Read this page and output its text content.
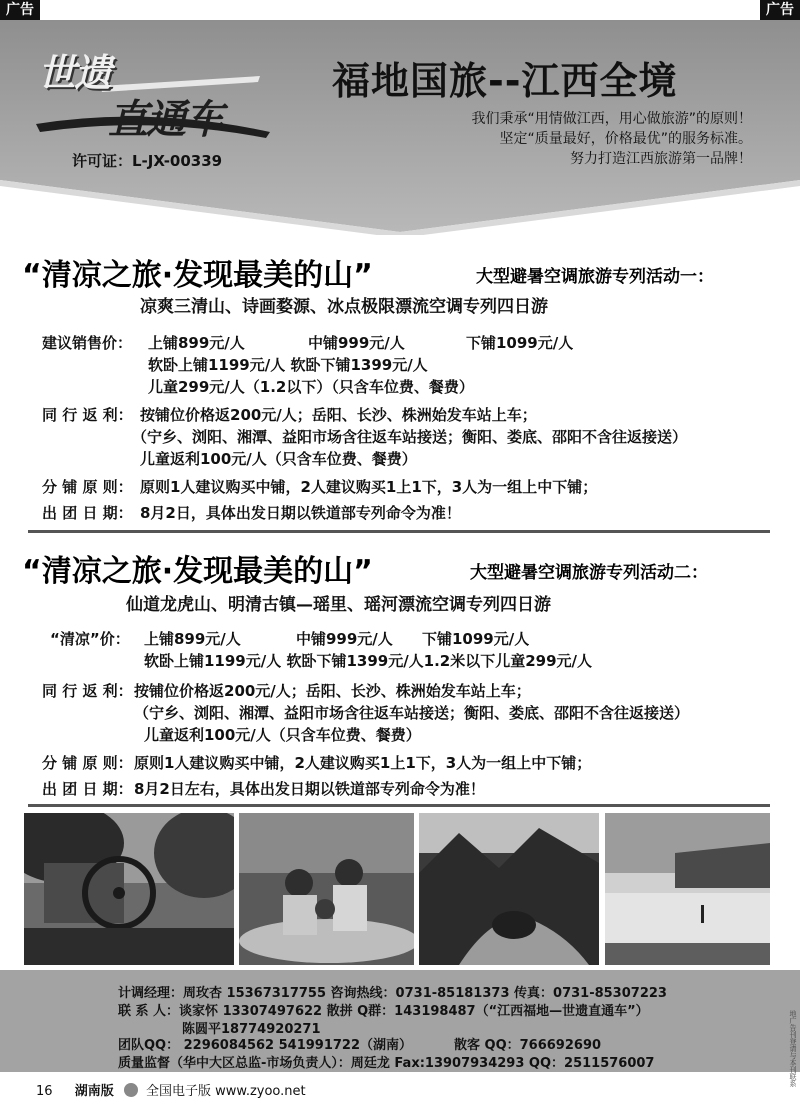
广告	广告
世遗
直通车
许可证：L-JX-00339
福地国旅--江西全境
我们秉承“用情做江西，用心做旅游”的原则！
坚定“质量最好，价格最优”的服务标准。
努力打造江西旅游第一品牌！
“清凉之旅·发现最美的山”	大型避暑空调旅游专列活动一：
凉爽三清山、诗画婺源、冰点极限漂流空调专列四日游
建议销售价： 上铺899元/人	中铺999元/人	下铺1099元/人
软卧上铺1199元/人 软卧下铺1399元/人
儿童299元/人（1.2以下）（只含车位费、餐费）
同 行 返 利： 按铺位价格返200元/人；岳阳、长沙、株洲始发车站上车；
（宁乡、浏阳、湘潭、益阳市场含往返车站接送；衡阳、娄底、邵阳不含往返接送）
儿童返利100元/人（只含车位费、餐费）
分 铺 原 则： 原则1人建议购买中铺，2人建议购买1上1下，3人为一组上中下铺；
出 团 日 期： 8月2日，具体出发日期以铁道部专列命令为准！
“清凉之旅·发现最美的山”	大型避暑空调旅游专列活动二：
仙道龙虎山、明清古镇—瑶里、瑶河漂流空调专列四日游
“清凉”价： 上铺899元/人	中铺999元/人 下铺1099元/人
软卧上铺1199元/人 软卧下铺1399元/人1.2米以下儿童299元/人
同 行 返 利： 按铺位价格返200元/人；岳阳、长沙、株洲始发车站上车；
（宁乡、浏阳、湘潭、益阳市场含往返车站接送；衡阳、娄底、邵阳不含往返接送）
儿童返利100元/人（只含车位费、餐费）
分 铺 原 则： 原则1人建议购买中铺，2人建议购买1上1下，3人为一组上中下铺；
出 团 日 期： 8月2日左右，具体出发日期以铁道部专列命令为准！
计调经理：周玫杏 15367317755 咨询热线：0731-85181373 传真：0731-85307223
联 系 人：谈家怀 13307497622 散拼 Q群：143198487（“江西福地—世遗直通车”）
陈圆平18774920271
团队QQ： 2296084562 541991722（湖南）	散客 QQ：766692690
质量监督（华中大区总监-市场负责人）：周廷龙 Fax:13907934293 QQ：2511576007	地广告刊登请与本刊联系
16 湖南版 全国电子版 www.zyoo.net
